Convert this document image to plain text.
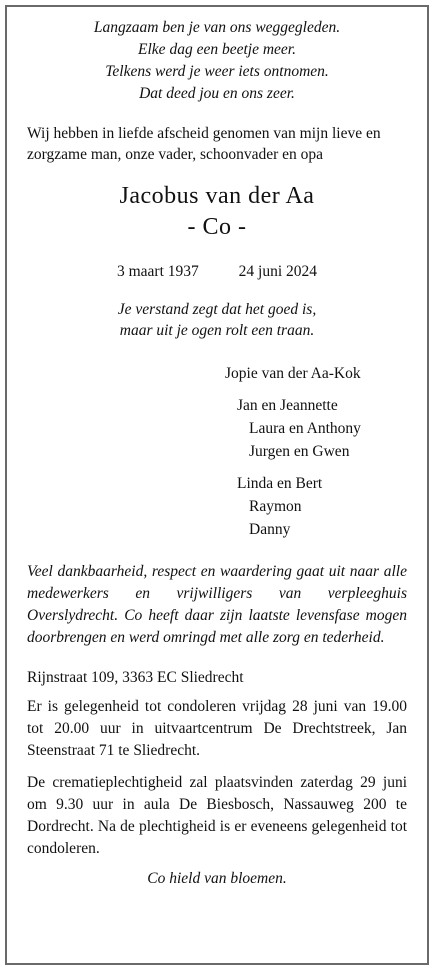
Langzaam ben je van ons weggegleden.
Elke dag een beetje meer.
Telkens werd je weer iets ontnomen.
Dat deed jou en ons zeer.
Wij hebben in liefde afscheid genomen van mijn lieve en zorgzame man, onze vader, schoonvader en opa
Jacobus van der Aa
- Co -
3 maart 1937	24 juni 2024
Je verstand zegt dat het goed is,
maar uit je ogen rolt een traan.
Jopie van der Aa-Kok
Jan en Jeannette
Laura en Anthony
Jurgen en Gwen
Linda en Bert
Raymon
Danny
Veel dankbaarheid, respect en waardering gaat uit naar alle medewerkers en vrijwilligers van verpleeghuis Overslydrecht. Co heeft daar zijn laatste levensfase mogen doorbrengen en werd omringd met alle zorg en tederheid.
Rijnstraat 109, 3363 EC Sliedrecht
Er is gelegenheid tot condoleren vrijdag 28 juni van 19.00 tot 20.00 uur in uitvaartcentrum De Drechtstreek, Jan Steenstraat 71 te Sliedrecht.
De crematieplechtigheid zal plaatsvinden zaterdag 29 juni om 9.30 uur in aula De Biesbosch, Nassauweg 200 te Dordrecht. Na de plechtigheid is er eveneens gelegenheid tot condoleren.
Co hield van bloemen.
